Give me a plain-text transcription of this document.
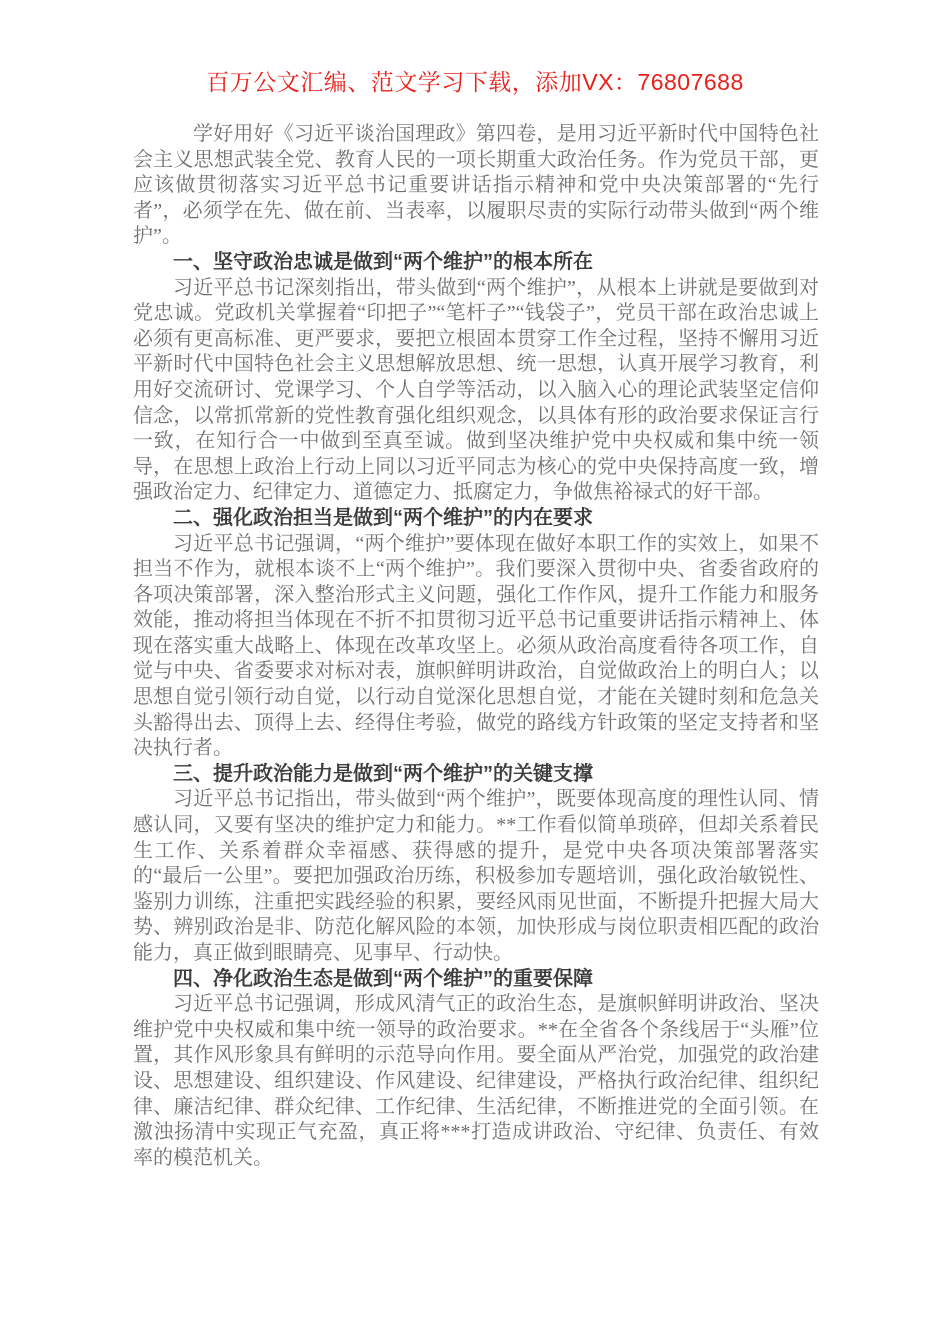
百万公文汇编、范文学习下载，添加VX：76807688

学好用好《习近平谈治国理政》第四卷，是用习近平新时代中国特色社会主义思想武装全党、教育人民的一项长期重大政治任务。作为党员干部，更应该做贯彻落实习近平总书记重要讲话指示精神和党中央决策部署的“先行者”，必须学在先、做在前、当表率，以履职尽责的实际行动带头做到“两个维护”。

一、坚守政治忠诚是做到“两个维护”的根本所在

习近平总书记深刻指出，带头做到“两个维护”，从根本上讲就是要做到对党忠诚。党政机关掌握着“印把子”“笔杆子”“钱袋子”，党员干部在政治忠诚上必须有更高标准、更严要求，要把立根固本贯穿工作全过程，坚持不懈用习近平新时代中国特色社会主义思想解放思想、统一思想，认真开展学习教育，利用好交流研讨、党课学习、个人自学等活动，以入脑入心的理论武装坚定信仰信念，以常抓常新的党性教育强化组织观念，以具体有形的政治要求保证言行一致，在知行合一中做到至真至诚。做到坚决维护党中央权威和集中统一领导，在思想上政治上行动上同以习近平同志为核心的党中央保持高度一致，增强政治定力、纪律定力、道德定力、抵腐定力，争做焦裕禄式的好干部。

二、强化政治担当是做到“两个维护”的内在要求

习近平总书记强调，“两个维护”要体现在做好本职工作的实效上，如果不担当不作为，就根本谈不上“两个维护”。我们要深入贯彻中央、省委省政府的各项决策部署，深入整治形式主义问题，强化工作作风，提升工作能力和服务效能，推动将担当体现在不折不扣贯彻习近平总书记重要讲话指示精神上、体现在落实重大战略上、体现在改革攻坚上。必须从政治高度看待各项工作，自觉与中央、省委要求对标对表，旗帜鲜明讲政治，自觉做政治上的明白人；以思想自觉引领行动自觉，以行动自觉深化思想自觉，才能在关键时刻和危急关头豁得出去、顶得上去、经得住考验，做党的路线方针政策的坚定支持者和坚决执行者。

三、提升政治能力是做到“两个维护”的关键支撑

习近平总书记指出，带头做到“两个维护”，既要体现高度的理性认同、情感认同，又要有坚决的维护定力和能力。**工作看似简单琐碎，但却关系着民生工作、关系着群众幸福感、获得感的提升，是党中央各项决策部署落实的“最后一公里”。要把加强政治历练，积极参加专题培训，强化政治敏锐性、鉴别力训练，注重把实践经验的积累，要经风雨见世面，不断提升把握大局大势、辨别政治是非、防范化解风险的本领，加快形成与岗位职责相匹配的政治能力，真正做到眼睛亮、见事早、行动快。

四、净化政治生态是做到“两个维护”的重要保障

习近平总书记强调，形成风清气正的政治生态，是旗帜鲜明讲政治、坚决维护党中央权威和集中统一领导的政治要求。**在全省各个条线居于“头雁”位置，其作风形象具有鲜明的示范导向作用。要全面从严治党，加强党的政治建设、思想建设、组织建设、作风建设、纪律建设，严格执行政治纪律、组织纪律、廉洁纪律、群众纪律、工作纪律、生活纪律，不断推进党的全面引领。在激浊扬清中实现正气充盈，真正将***打造成讲政治、守纪律、负责任、有效率的模范机关。
